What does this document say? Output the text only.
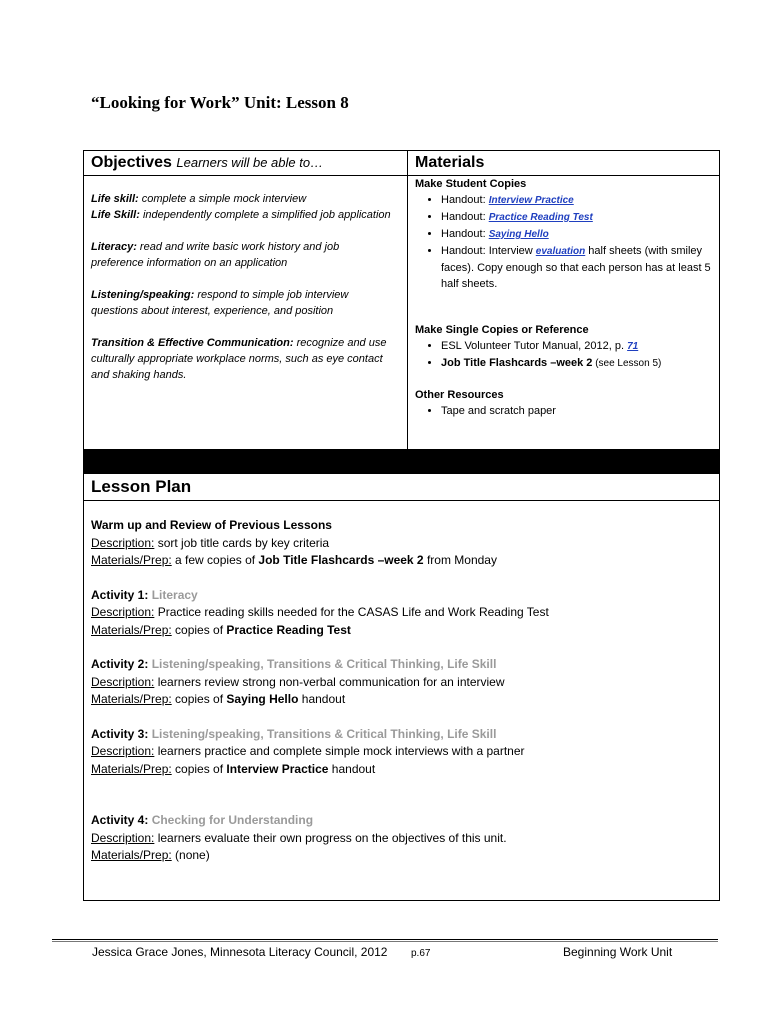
“Looking for Work” Unit: Lesson 8
Objectives Learners will be able to…

Life skill: complete a simple mock interview
Life Skill: independently complete a simplified job application

Literacy: read and write basic work history and job preference information on an application

Listening/speaking: respond to simple job interview questions about interest, experience, and position

Transition & Effective Communication: recognize and use culturally appropriate workplace norms, such as eye contact and shaking hands.

Materials

Make Student Copies

• Handout: Interview Practice
• Handout: Practice Reading Test
• Handout: Saying Hello
• Handout: Interview evaluation half sheets (with smiley faces). Copy enough so that each person has at least 5 half sheets.

Make Single Copies or Reference

• ESL Volunteer Tutor Manual, 2012, p. 71
• Job Title Flashcards –week 2 (see Lesson 5)

Other Resources

• Tape and scratch paper
Lesson Plan

Warm up and Review of Previous Lessons

Description: sort job title cards by key criteria

Materials/Prep: a few copies of Job Title Flashcards –week 2 from Monday

Activity 1: Literacy

Description: Practice reading skills needed for the CASAS Life and Work Reading Test

Materials/Prep: copies of Practice Reading Test

Activity 2: Listening/speaking, Transitions & Critical Thinking, Life Skill

Description: learners review strong non-verbal communication for an interview

Materials/Prep: copies of Saying Hello handout

Activity 3: Listening/speaking, Transitions & Critical Thinking, Life Skill

Description: learners practice and complete simple mock interviews with a partner

Materials/Prep: copies of Interview Practice handout

Activity 4: Checking for Understanding

Description: learners evaluate their own progress on the objectives of this unit.

Materials/Prep: (none)

Jessica Grace Jones, Minnesota Literacy Council, 2012 p.67	Beginning Work Unit
